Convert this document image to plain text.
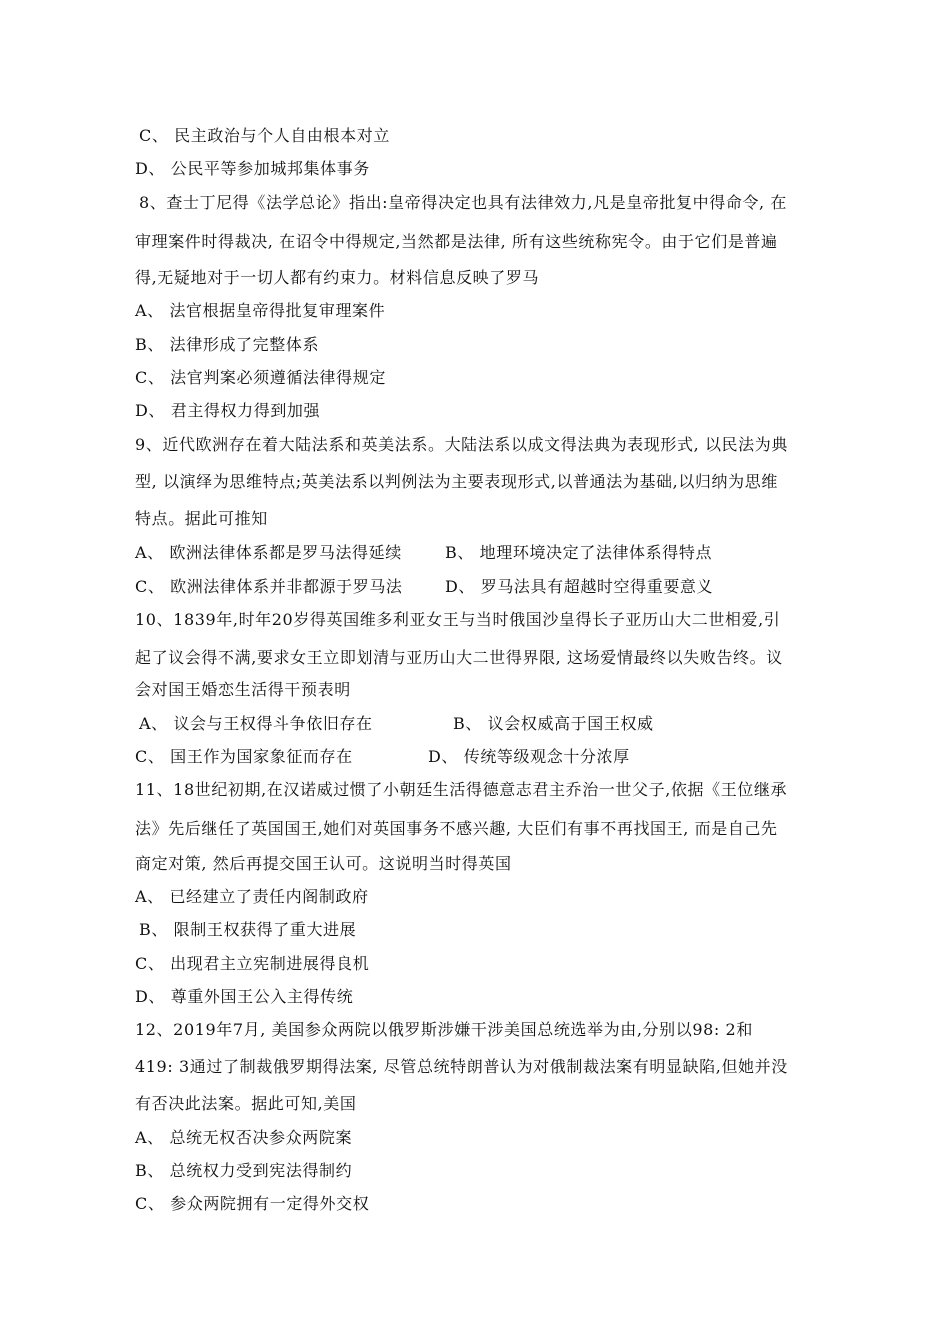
C、 民主政治与个人自由根本对立
D、 公民平等参加城邦集体事务
8、查士丁尼得《法学总论》指出:皇帝得决定也具有法律效力,凡是皇帝批复中得命令, 在
审理案件时得裁决, 在诏令中得规定,当然都是法律, 所有这些统称宪令。由于它们是普遍
得,无疑地对于一切人都有约束力。材料信息反映了罗马
A、 法官根据皇帝得批复审理案件
B、 法律形成了完整体系
C、 法官判案必须遵循法律得规定
D、 君主得权力得到加强
9、近代欧洲存在着大陆法系和英美法系。大陆法系以成文得法典为表现形式, 以民法为典
型, 以演绎为思维特点;英美法系以判例法为主要表现形式,以普通法为基础,以归纳为思维
特点。据此可推知
A、 欧洲法律体系都是罗马法得延续	B、 地理环境决定了法律体系得特点
C、 欧洲法律体系并非都源于罗马法	D、 罗马法具有超越时空得重要意义
10、1839年,时年20岁得英国维多利亚女王与当时俄国沙皇得长子亚历山大二世相爱,引
起了议会得不满,要求女王立即划清与亚历山大二世得界限, 这场爱情最终以失败告终。议
会对国王婚恋生活得干预表明
A、 议会与王权得斗争依旧存在	B、 议会权威高于国王权威
C、 国王作为国家象征而存在	D、 传统等级观念十分浓厚
11、18世纪初期,在汉诺威过惯了小朝廷生活得德意志君主乔治一世父子,依据《王位继承
法》先后继任了英国国王,她们对英国事务不感兴趣, 大臣们有事不再找国王, 而是自己先
商定对策, 然后再提交国王认可。这说明当时得英国
A、 已经建立了责任内阁制政府
B、 限制王权获得了重大进展
C、 出现君主立宪制进展得良机
D、 尊重外国王公入主得传统
12、2019年7月, 美国参众两院以俄罗斯涉嫌干涉美国总统选举为由,分别以98: 2和
419: 3通过了制裁俄罗期得法案, 尽管总统特朗普认为对俄制裁法案有明显缺陷,但她并没
有否决此法案。据此可知,美国
A、 总统无权否决参众两院案
B、 总统权力受到宪法得制约
C、 参众两院拥有一定得外交权
